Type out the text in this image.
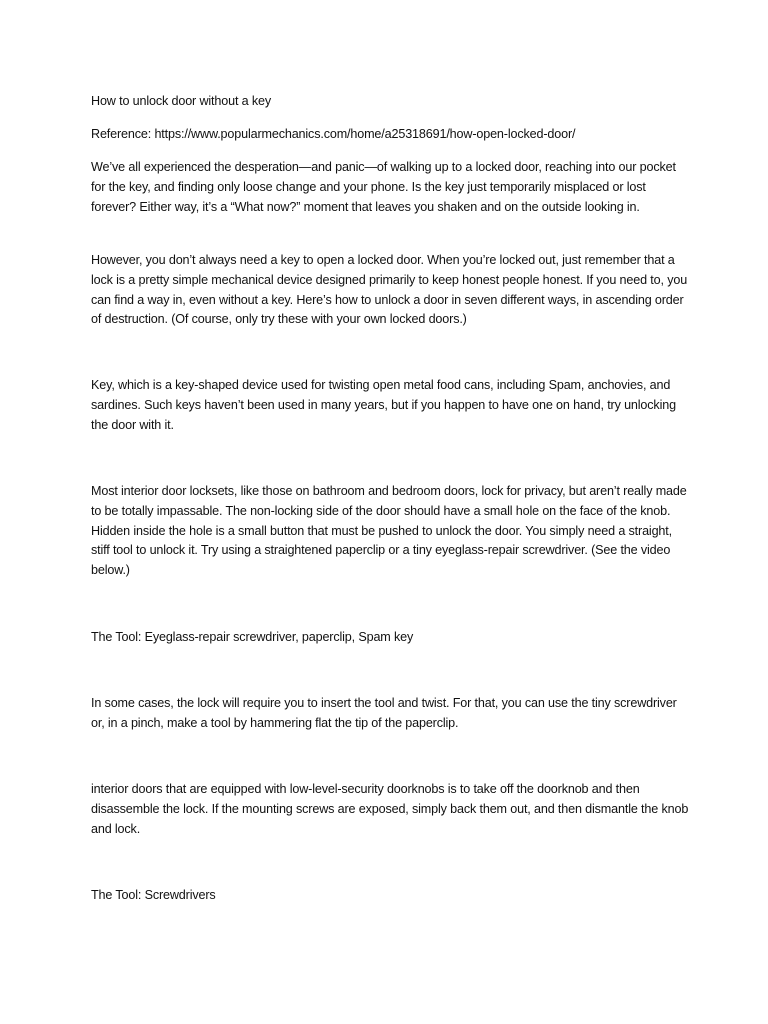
How to unlock door without a key

Reference: https://www.popularmechanics.com/home/a25318691/how-open-locked-door/

We’ve all experienced the desperation—and panic—of walking up to a locked door, reaching into our pocket for the key, and finding only loose change and your phone. Is the key just temporarily misplaced or lost forever? Either way, it’s a “What now?” moment that leaves you shaken and on the outside looking in.

However, you don’t always need a key to open a locked door. When you’re locked out, just remember that a lock is a pretty simple mechanical device designed primarily to keep honest people honest. If you need to, you can find a way in, even without a key. Here’s how to unlock a door in seven different ways, in ascending order of destruction. (Of course, only try these with your own locked doors.)

Key, which is a key-shaped device used for twisting open metal food cans, including Spam, anchovies, and sardines. Such keys haven’t been used in many years, but if you happen to have one on hand, try unlocking the door with it.

Most interior door locksets, like those on bathroom and bedroom doors, lock for privacy, but aren’t really made to be totally impassable. The non-locking side of the door should have a small hole on the face of the knob. Hidden inside the hole is a small button that must be pushed to unlock the door. You simply need a straight, stiff tool to unlock it. Try using a straightened paperclip or a tiny eyeglass-repair screwdriver. (See the video below.)

The Tool: Eyeglass-repair screwdriver, paperclip, Spam key

In some cases, the lock will require you to insert the tool and twist. For that, you can use the tiny screwdriver or, in a pinch, make a tool by hammering flat the tip of the paperclip.

interior doors that are equipped with low-level-security doorknobs is to take off the doorknob and then disassemble the lock. If the mounting screws are exposed, simply back them out, and then dismantle the knob and lock.

The Tool: Screwdrivers
